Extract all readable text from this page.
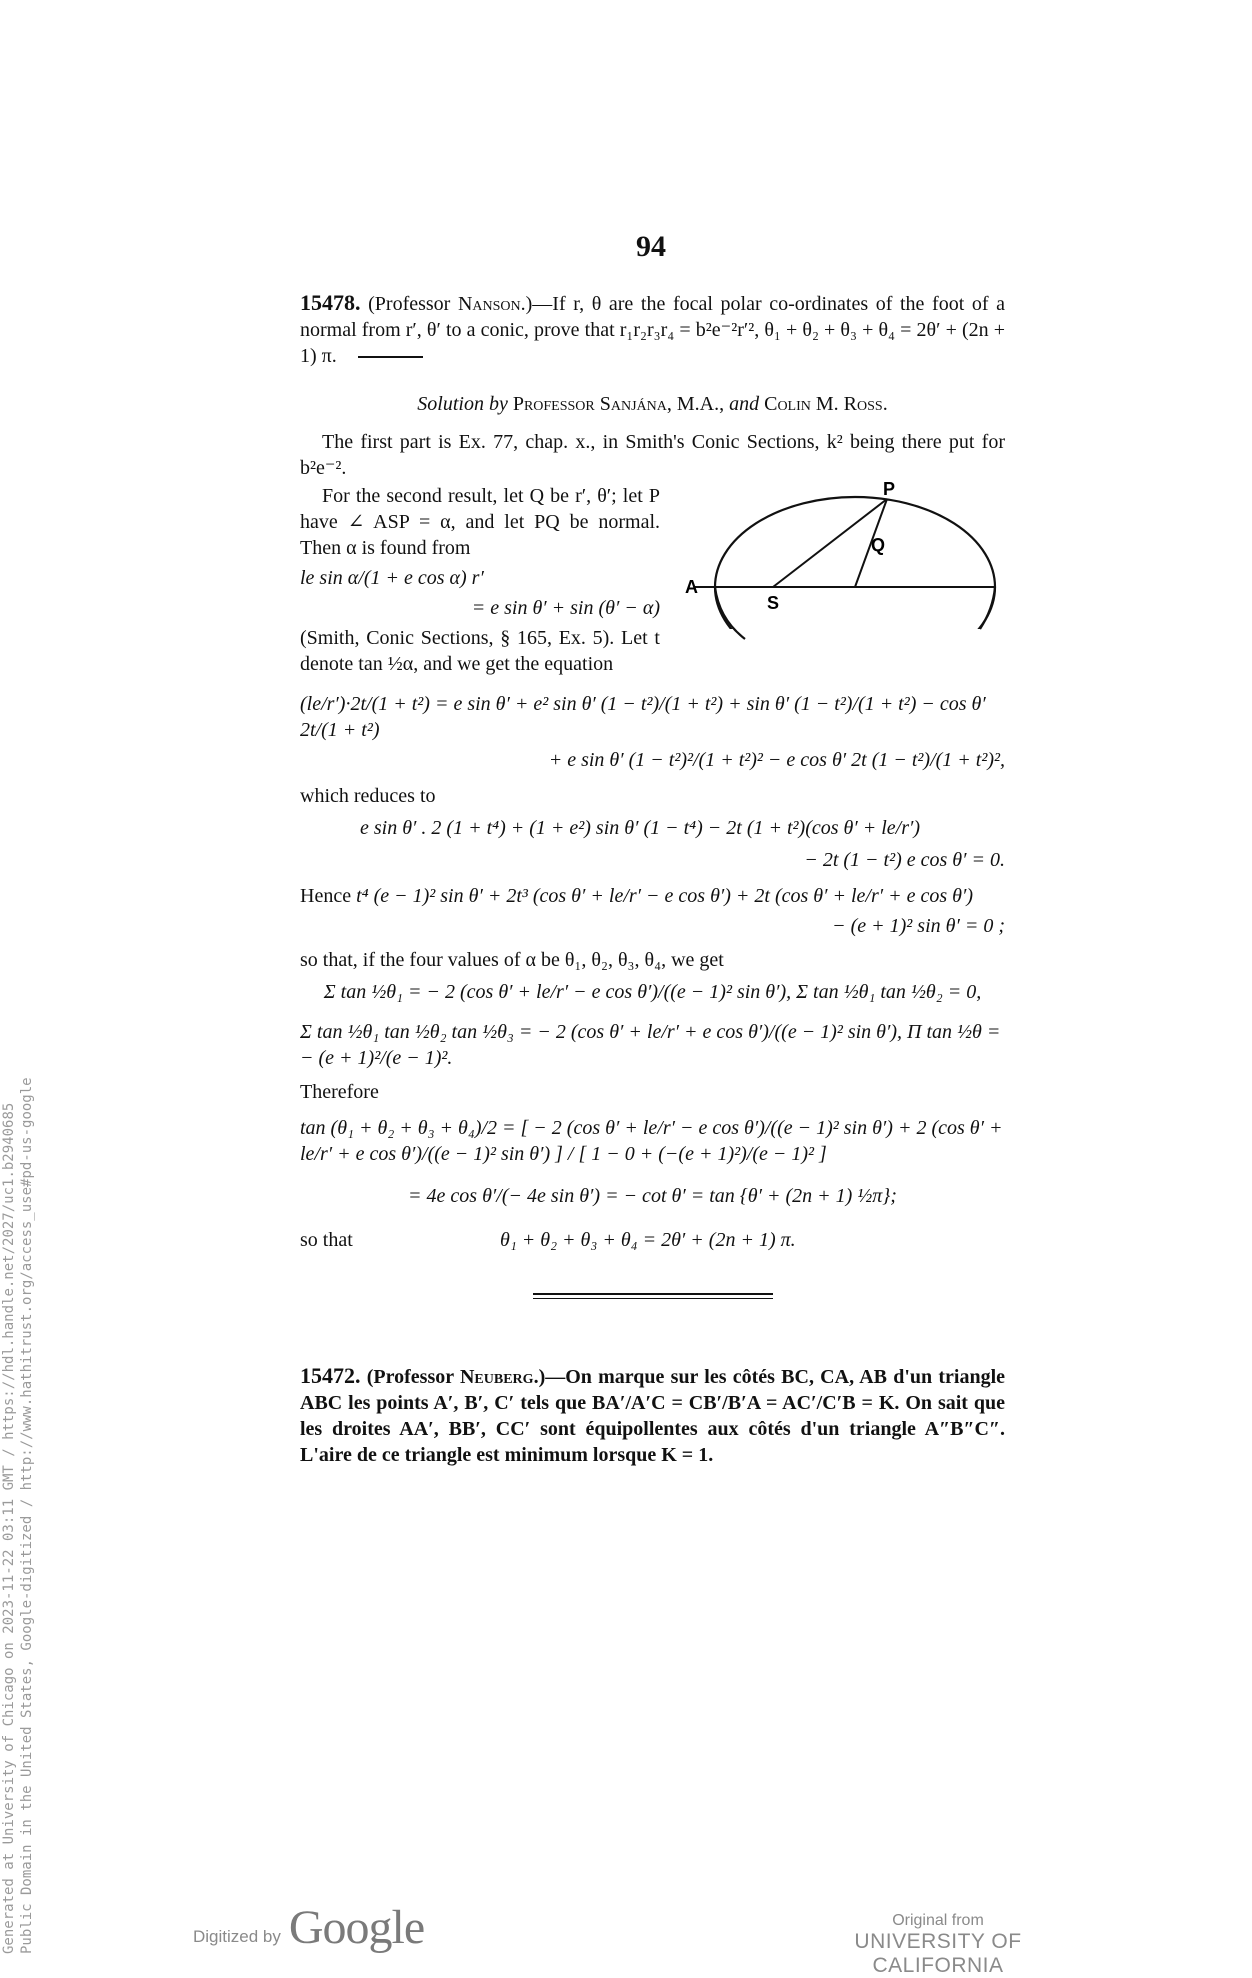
Generated at University of Chicago on 2023-11-22 03:11 GMT / https://hdl.handle.net/2027/uc1.b2940685 Public Domain in the United States, Google-digitized / http://www.hathitrust.org/access_use#pd-us-google
94

15478. (Professor Nanson.)—If r, θ are the focal polar co-ordinates of the foot of a normal from r′, θ′ to a conic, prove that r₁r₂r₃r₄ = b²e⁻²r′², θ₁ + θ₂ + θ₃ + θ₄ = 2θ′ + (2n + 1) π.

Solution by Professor Sanjána, M.A., and Colin M. Ross.

The first part is Ex. 77, chap. x., in Smith's Conic Sections, k² being there put for b²e⁻².

For the second result, let Q be r′, θ′; let P have ∠ ASP = α, and let PQ be normal. Then α is found from

le sin α/(1 + e cos α) r′
= e sin θ′ + sin (θ′ − α)

(Smith, Conic Sections, § 165, Ex. 5). Let t denote tan ½α, and we get the equation

P
Q
A
S
(le/r′)·2t/(1 + t²) = e sin θ′ + e² sin θ′ (1 − t²)/(1 + t²) + sin θ′ (1 − t²)/(1 + t²) − cos θ′ 2t/(1 + t²)
+ e sin θ′ (1 − t²)²/(1 + t²)² − e cos θ′ 2t (1 − t²)/(1 + t²)²,

which reduces to

e sin θ′ . 2 (1 + t⁴) + (1 + e²) sin θ′ (1 − t⁴) − 2t (1 + t²)(cos θ′ + le/r′)
− 2t (1 − t²) e cos θ′ = 0.
Hence t⁴ (e − 1)² sin θ′ + 2t³ (cos θ′ + le/r′ − e cos θ′) + 2t (cos θ′ + le/r′ + e cos θ′)
− (e + 1)² sin θ′ = 0 ;

so that, if the four values of α be θ₁, θ₂, θ₃, θ₄, we get

Σ tan ½θ₁ = − 2 (cos θ′ + le/r′ − e cos θ′)/((e − 1)² sin θ′), Σ tan ½θ₁ tan ½θ₂ = 0,
Σ tan ½θ₁ tan ½θ₂ tan ½θ₃ = − 2 (cos θ′ + le/r′ + e cos θ′)/((e − 1)² sin θ′), Π tan ½θ = − (e + 1)²/(e − 1)².

Therefore

tan (θ₁ + θ₂ + θ₃ + θ₄)/2 = [ − 2 (cos θ′ + le/r′ − e cos θ′)/((e − 1)² sin θ′) + 2 (cos θ′ + le/r′ + e cos θ′)/((e − 1)² sin θ′) ] / [ 1 − 0 + (−(e + 1)²)/(e − 1)² ]
= 4e cos θ′/(− 4e sin θ′) = − cot θ′ = tan {θ′ + (2n + 1) ½π};
so that	θ₁ + θ₂ + θ₃ + θ₄ = 2θ′ + (2n + 1) π.

15472. (Professor Neuberg.)—On marque sur les côtés BC, CA, AB d'un triangle ABC les points A′, B′, C′ tels que BA′/A′C = CB′/B′A = AC′/C′B = K. On sait que les droites AA′, BB′, CC′ sont équipollentes aux côtés d'un triangle A″B″C″. L'aire de ce triangle est minimum lorsque K = 1.

Digitized by Google	Original from
UNIVERSITY OF CALIFORNIA
